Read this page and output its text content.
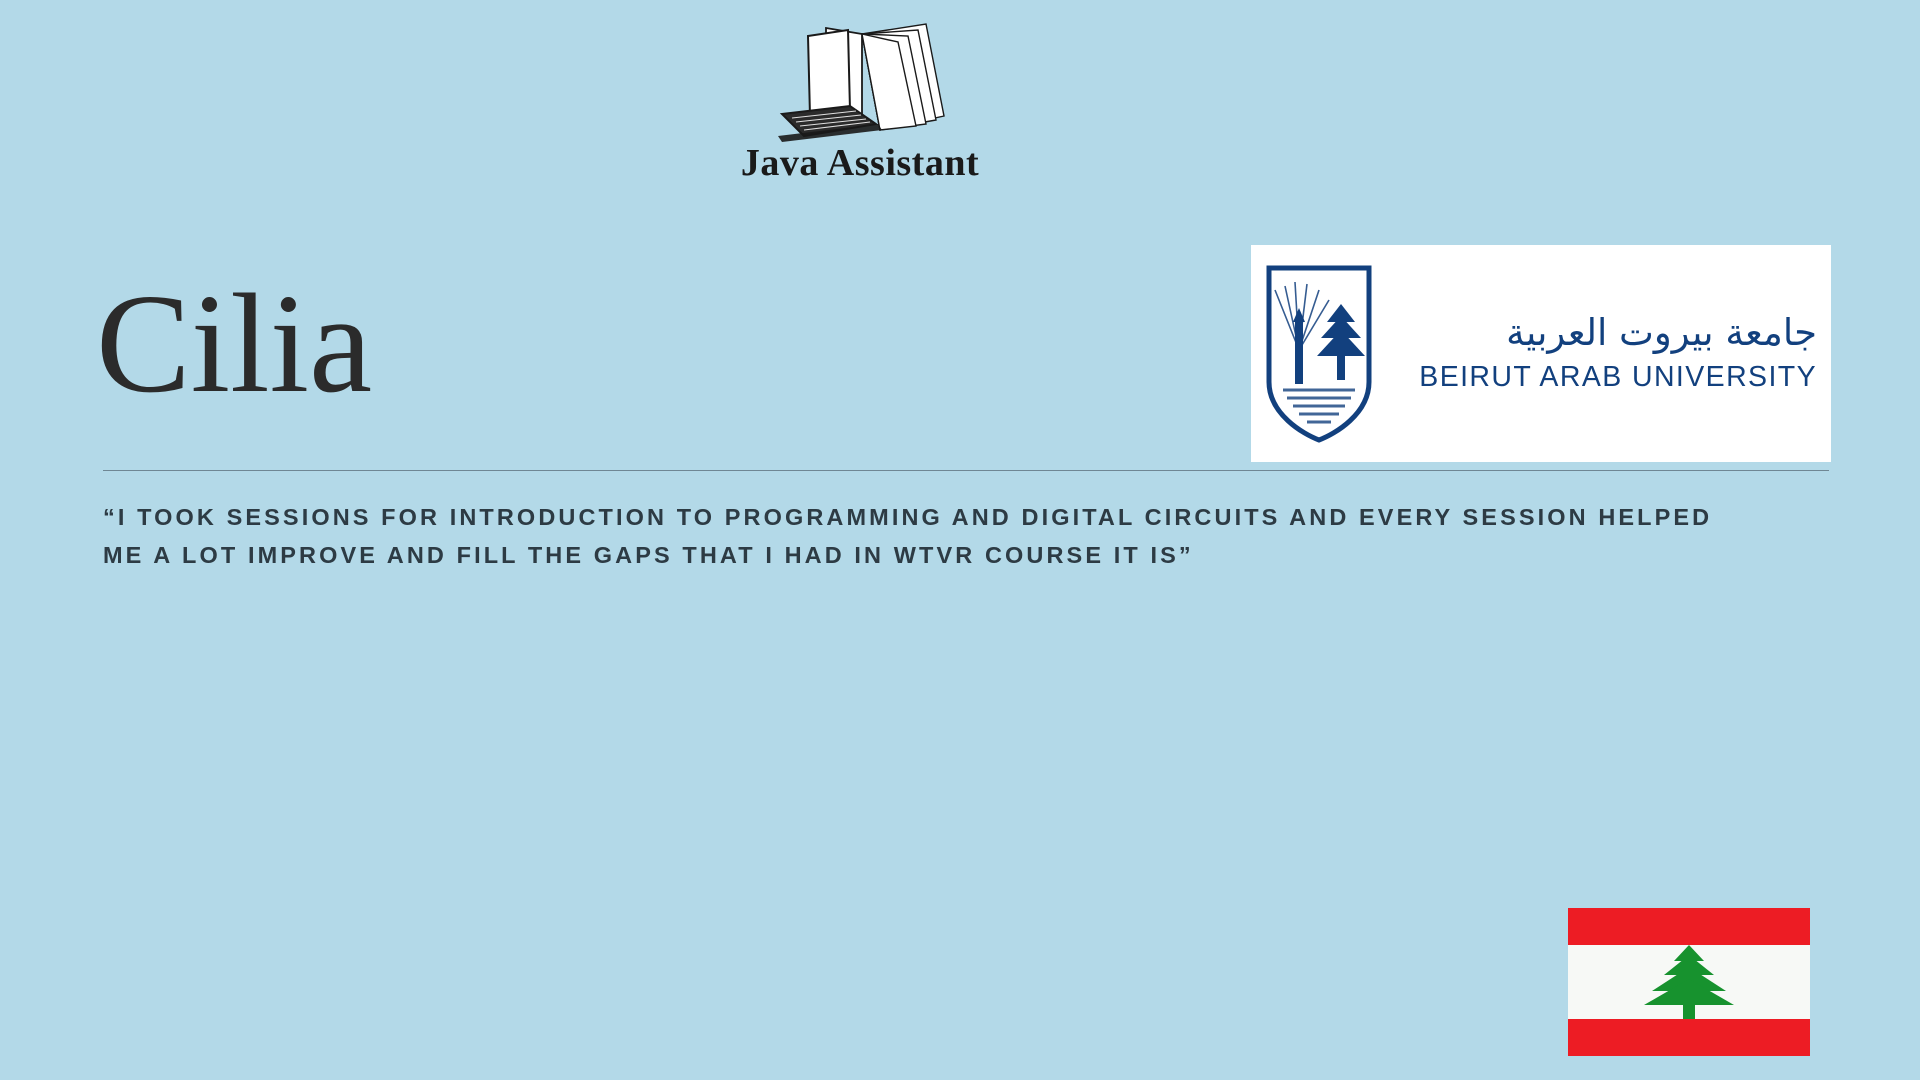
Java Assistant
Cilia	جامعة بيروت العربية
BEIRUT ARAB UNIVERSITY
“I TOOK SESSIONS FOR INTRODUCTION TO PROGRAMMING AND DIGITAL CIRCUITS AND EVERY SESSION HELPED ME A LOT IMPROVE AND FILL THE GAPS THAT I HAD IN WTVR COURSE IT IS”
